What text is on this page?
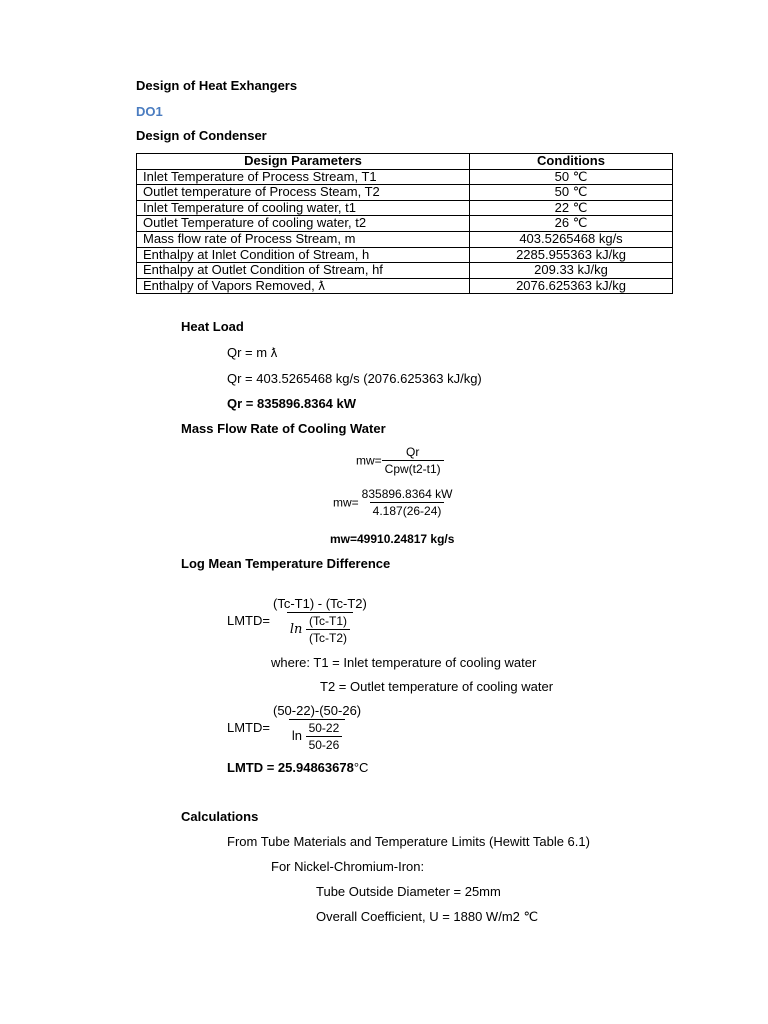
Design of Heat Exhangers
DO1
Design of Condenser
Design Parameters	Conditions
Inlet Temperature of Process Stream, T1	50 ℃
Outlet temperature of Process Steam, T2	50 ℃
Inlet Temperature of cooling water, t1	22 ℃
Outlet Temperature of cooling water, t2	26 ℃
Mass flow rate of Process Stream, m	403.5265468 kg/s
Enthalpy at Inlet Condition of Stream, h	2285.955363 kJ/kg
Enthalpy at Outlet Condition of Stream, hf	209.33 kJ/kg
Enthalpy of Vapors Removed, ƛ	2076.625363 kJ/kg
Heat Load
Qr = m ƛ
Qr = 403.5265468 kg/s (2076.625363 kJ/kg)
Qr = 835896.8364 kW
Mass Flow Rate of Cooling Water
$mw= \frac{Qr}{\text{Cpw(t2-t1)}}$
$mw= \frac{835896.8364 kW}{4.187(26-24)}$
mw=49910.24817 kg/s
Log Mean Temperature Difference
LMTD= $\frac{(Tc-T1) - (Tc-T2)}{\ln \frac{(Tc-T1)}{(Tc-T2)}}$
where: T1 = Inlet temperature of cooling water
T2 = Outlet temperature of cooling water
LMTD= $\frac{(50-22)-(50-26)}{\ln \frac{50-22}{50-26}}$
LMTD = 25.94863678°C
Calculations
From Tube Materials and Temperature Limits (Hewitt Table 6.1)
For Nickel-Chromium-Iron:
Tube Outside Diameter = 25mm
Overall Coefficient, U = 1880 W/m2 ℃
